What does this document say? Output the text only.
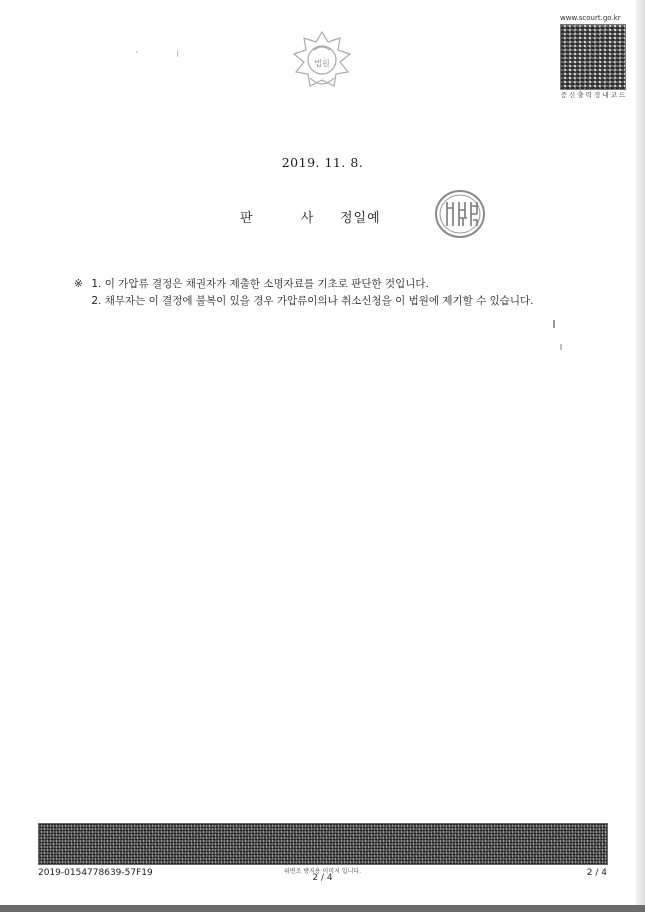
' )
법원
www.scourt.go.kr
증 신 출 력 정 내 코 드
2019. 11. 8.
판 사 정일예
※ 1. 이 가압류 결정은 채권자가 제출한 소명자료를 기초로 판단한 것입니다.
2. 채무자는 이 결정에 불복이 있을 경우 가압류이의나 취소신청을 이 법원에 제기할 수 있습니다.
2019-0154778639-57F19	위변조 방지용 이미지 입니다.
2 / 4	2 / 4
